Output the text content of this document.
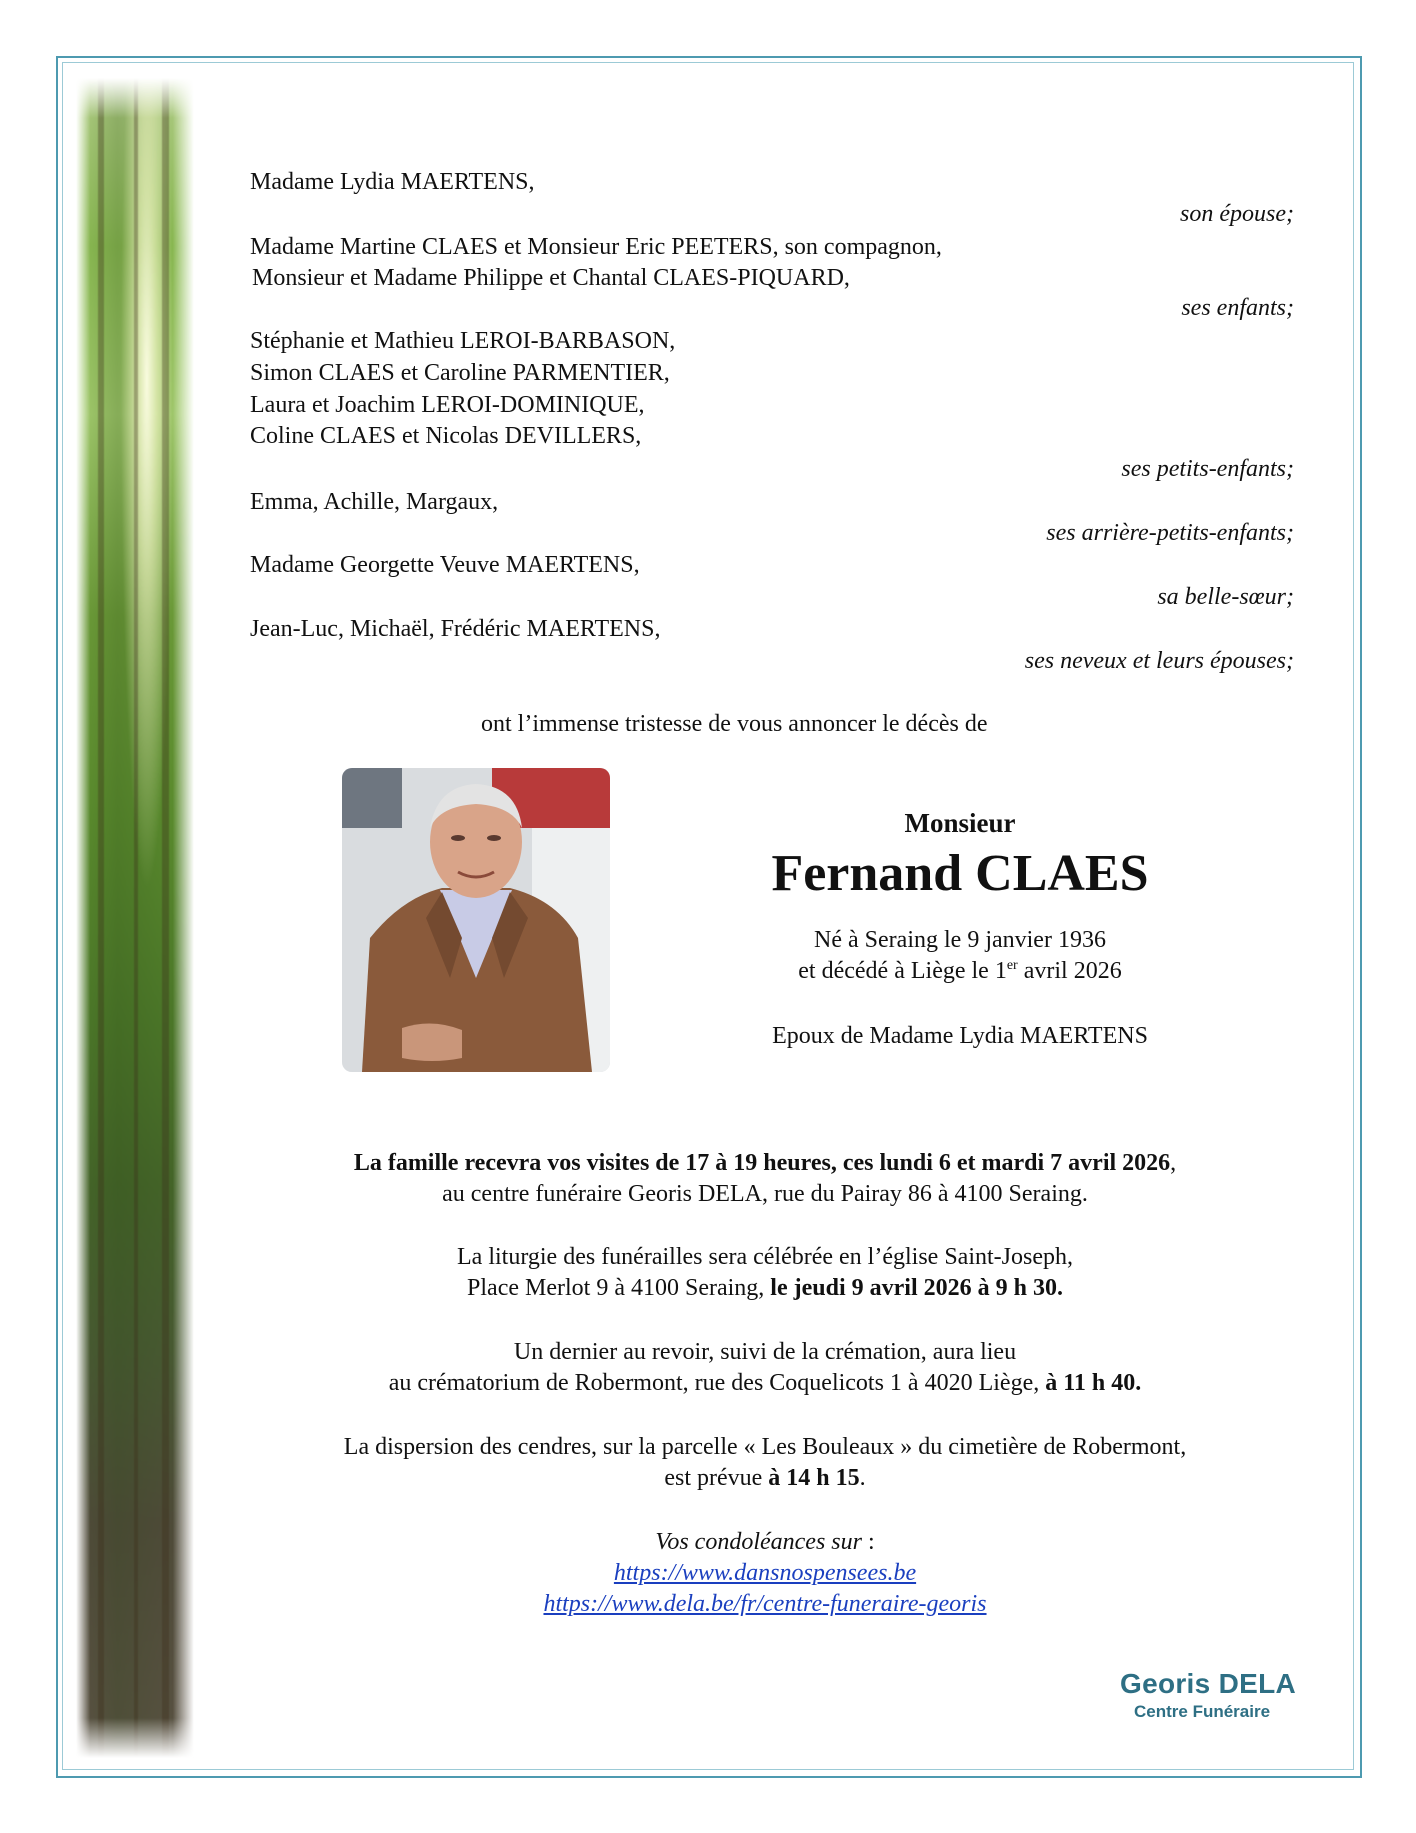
Madame Lydia MAERTENS,
son épouse;
Madame Martine CLAES et Monsieur Eric PEETERS, son compagnon,
Monsieur et Madame Philippe et Chantal CLAES-PIQUARD,
ses enfants;
Stéphanie et Mathieu LEROI-BARBASON,
Simon CLAES et Caroline PARMENTIER,
Laura et Joachim LEROI-DOMINIQUE,
Coline CLAES et Nicolas DEVILLERS,
ses petits-enfants;
Emma, Achille, Margaux,
ses arrière-petits-enfants;
Madame Georgette Veuve MAERTENS,
sa belle-sœur;
Jean-Luc, Michaël, Frédéric MAERTENS,
ses neveux et leurs épouses;
ont l’immense tristesse de vous annoncer le décès de
Monsieur
Fernand CLAES
Né à Seraing le 9 janvier 1936
et décédé à Liège le 1er avril 2026
Epoux de Madame Lydia MAERTENS
La famille recevra vos visites de 17 à 19 heures, ces lundi 6 et mardi 7 avril 2026,
au centre funéraire Georis DELA, rue du Pairay 86 à 4100 Seraing.
La liturgie des funérailles sera célébrée en l’église Saint-Joseph,
Place Merlot 9 à 4100 Seraing, le jeudi 9 avril 2026 à 9 h 30.
Un dernier au revoir, suivi de la crémation, aura lieu
au crématorium de Robermont, rue des Coquelicots 1 à 4020 Liège, à 11 h 40.
La dispersion des cendres, sur la parcelle « Les Bouleaux » du cimetière de Robermont,
est prévue à 14 h 15.
Vos condoléances sur :
https://www.dansnospensees.be
https://www.dela.be/fr/centre-funeraire-georis
Georis DELA
Centre Funéraire
